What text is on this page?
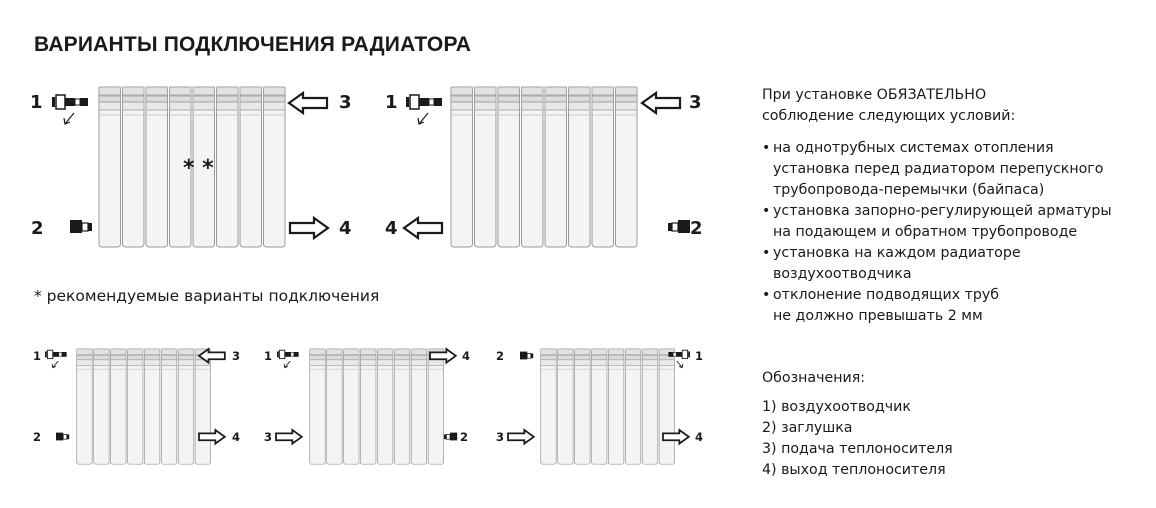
ВАРИАНТЫ ПОДКЛЮЧЕНИЯ РАДИАТОРА
1	3
2	4
* *
1	3
4	2
* рекомендуемые варианты подключения
1	3
2	4
1	4
3	2
2	1
3	4
При установке ОБЯЗАТЕЛЬНО
соблюдение следующих условий:
• на однотрубных системах отопления
установка перед радиатором перепускного
трубопровода-перемычки (байпаса)
• установка запорно-регулирующей арматуры
на подающем и обратном трубопроводе
• установка на каждом радиаторе
воздухоотводчика
• отклонение подводящих труб
не должно превышать 2 мм
Обозначения:
1) воздухоотводчик
2) заглушка
3) подача теплоносителя
4) выход теплоносителя
